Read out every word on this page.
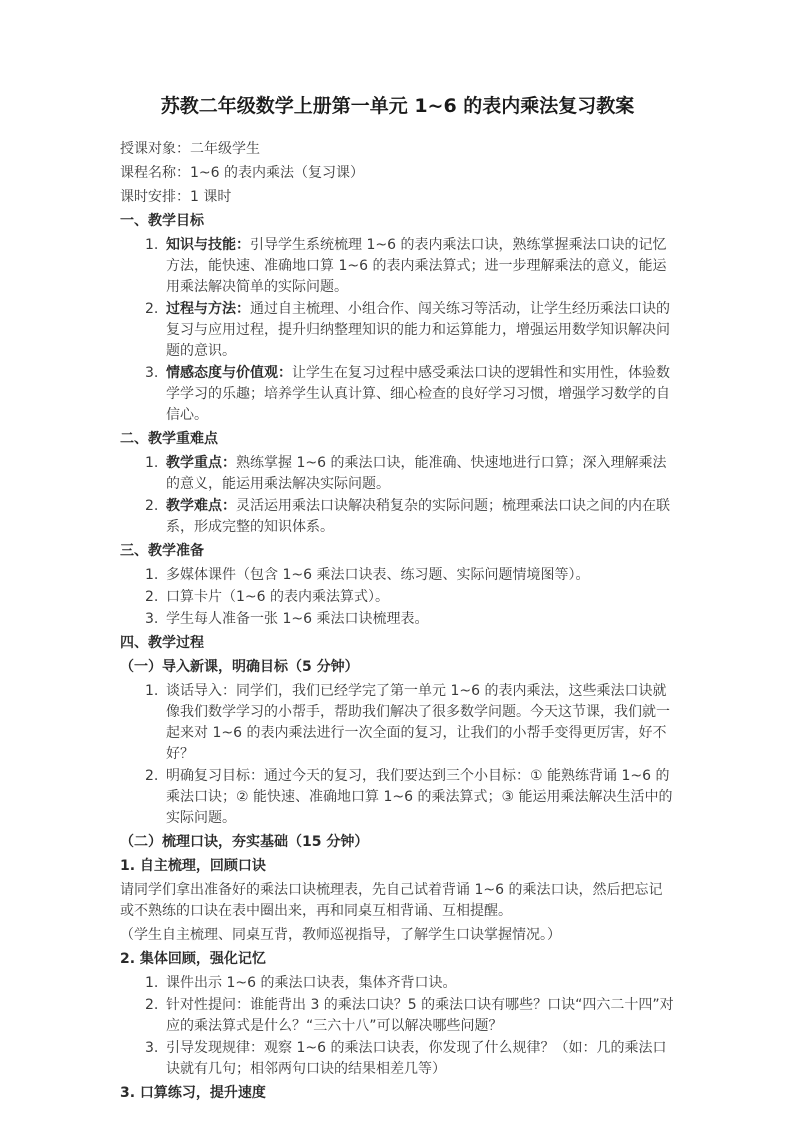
苏教二年级数学上册第一单元 1~6 的表内乘法复习教案

授课对象：二年级学生

课程名称：1~6 的表内乘法（复习课）

课时安排：1 课时

一、教学目标
1. 知识与技能：引导学生系统梳理 1~6 的表内乘法口诀，熟练掌握乘法口诀的记忆方法，能快速、准确地口算 1~6 的表内乘法算式；进一步理解乘法的意义，能运用乘法解决简单的实际问题。
2. 过程与方法：通过自主梳理、小组合作、闯关练习等活动，让学生经历乘法口诀的复习与应用过程，提升归纳整理知识的能力和运算能力，增强运用数学知识解决问题的意识。
3. 情感态度与价值观：让学生在复习过程中感受乘法口诀的逻辑性和实用性，体验数学学习的乐趣；培养学生认真计算、细心检查的良好学习习惯，增强学习数学的自信心。
二、教学重难点
1. 教学重点：熟练掌握 1~6 的乘法口诀，能准确、快速地进行口算；深入理解乘法的意义，能运用乘法解决实际问题。
2. 教学难点：灵活运用乘法口诀解决稍复杂的实际问题；梳理乘法口诀之间的内在联系，形成完整的知识体系。
三、教学准备
1. 多媒体课件（包含 1~6 乘法口诀表、练习题、实际问题情境图等）。
2. 口算卡片（1~6 的表内乘法算式）。
3. 学生每人准备一张 1~6 乘法口诀梳理表。
四、教学过程
（一）导入新课，明确目标（5 分钟）
1. 谈话导入：同学们，我们已经学完了第一单元 1~6 的表内乘法，这些乘法口诀就像我们数学学习的小帮手，帮助我们解决了很多数学问题。今天这节课，我们就一起来对 1~6 的表内乘法进行一次全面的复习，让我们的小帮手变得更厉害，好不好？
2. 明确复习目标：通过今天的复习，我们要达到三个小目标：① 能熟练背诵 1~6 的乘法口诀；② 能快速、准确地口算 1~6 的乘法算式；③ 能运用乘法解决生活中的实际问题。
（二）梳理口诀，夯实基础（15 分钟）
1. 自主梳理，回顾口诀

请同学们拿出准备好的乘法口诀梳理表，先自己试着背诵 1~6 的乘法口诀，然后把忘记或不熟练的口诀在表中圈出来，再和同桌互相背诵、互相提醒。

（学生自主梳理、同桌互背，教师巡视指导，了解学生口诀掌握情况。）

2. 集体回顾，强化记忆
1. 课件出示 1~6 的乘法口诀表，集体齐背口诀。
2. 针对性提问：谁能背出 3 的乘法口诀？5 的乘法口诀有哪些？口诀“四六二十四”对应的乘法算式是什么？“三六十八”可以解决哪些问题？
3. 引导发现规律：观察 1~6 的乘法口诀表，你发现了什么规律？（如：几的乘法口诀就有几句；相邻两句口诀的结果相差几等）
3. 口算练习，提升速度
